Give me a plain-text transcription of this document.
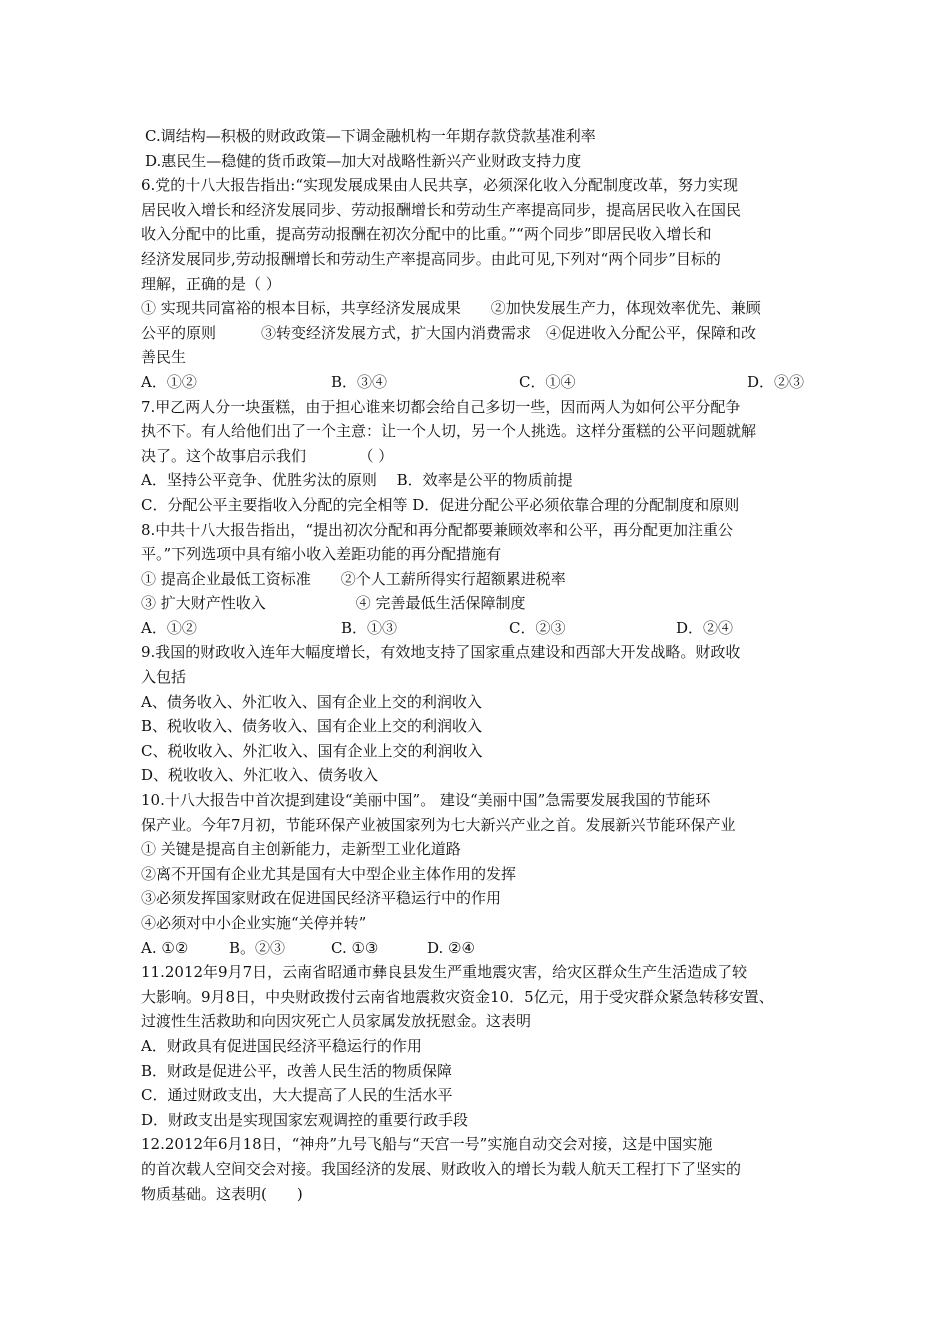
C.调结构—积极的财政政策—下调金融机构一年期存款贷款基准利率
D.惠民生—稳健的货币政策—加大对战略性新兴产业财政支持力度
6.党的十八大报告指出:“实现发展成果由人民共享，必须深化收入分配制度改革，努力实现
居民收入增长和经济发展同步、劳动报酬增长和劳动生产率提高同步，提高居民收入在国民
收入分配中的比重，提高劳动报酬在初次分配中的比重。”“两个同步”即居民收入增长和
经济发展同步,劳动报酬增长和劳动生产率提高同步。由此可见,下列对“两个同步”目标的
理解，正确的是（ ）
① 实现共同富裕的根本目标，共享经济发展成果　　②加快发展生产力，体现效率优先、兼顾
公平的原则　　　③转变经济发展方式，扩大国内消费需求　④促进收入分配公平，保障和改
善民生
A．①②	B．③④	C．①④	D．②③
7.甲乙两人分一块蛋糕，由于担心谁来切都会给自己多切一些，因而两人为如何公平分配争
执不下。有人给他们出了一个主意：让一个人切，另一个人挑选。这样分蛋糕的公平问题就解
决了。这个故事启示我们　　　　（ ）
A．坚持公平竞争、优胜劣汰的原则　 B．效率是公平的物质前提
C．分配公平主要指收入分配的完全相等 D．促进分配公平必须依靠合理的分配制度和原则
8.中共十八大报告指出，“提出初次分配和再分配都要兼顾效率和公平，再分配更加注重公
平。”下列选项中具有缩小收入差距功能的再分配措施有
① 提高企业最低工资标准　　②个人工薪所得实行超额累进税率
③ 扩大财产性收入　　　　　　④ 完善最低生活保障制度
A．①②	B．①③	C．②③	D．②④
9.我国的财政收入连年大幅度增长，有效地支持了国家重点建设和西部大开发战略。财政收
入包括
A、债务收入、外汇收入、国有企业上交的利润收入
B、税收收入、债务收入、国有企业上交的利润收入
C、税收收入、外汇收入、国有企业上交的利润收入
D、税收收入、外汇收入、债务收入
10.十八大报告中首次提到建设“美丽中国”。 建设“美丽中国”急需要发展我国的节能环
保产业。今年7月初，节能环保产业被国家列为七大新兴产业之首。发展新兴节能环保产业
① 关键是提高自主创新能力，走新型工业化道路
②离不开国有企业尤其是国有大中型企业主体作用的发挥
③必须发挥国家财政在促进国民经济平稳运行中的作用
④必须对中小企业实施“关停并转”
A. ①②	B。②③	C. ①③	D. ②④
11.2012年9月7日，云南省昭通市彝良县发生严重地震灾害，给灾区群众生产生活造成了较
大影响。9月8日，中央财政拨付云南省地震救灾资金10．5亿元，用于受灾群众紧急转移安置、
过渡性生活救助和向因灾死亡人员家属发放抚慰金。这表明
A．财政具有促进国民经济平稳运行的作用
B．财政是促进公平，改善人民生活的物质保障
C．通过财政支出，大大提高了人民的生活水平
D．财政支出是实现国家宏观调控的重要行政手段
12.2012年6月18日，“神舟”九号飞船与“天宫一号”实施自动交会对接，这是中国实施
的首次载人空间交会对接。我国经济的发展、财政收入的增长为载人航天工程打下了坚实的
物质基础。这表明(　　)
